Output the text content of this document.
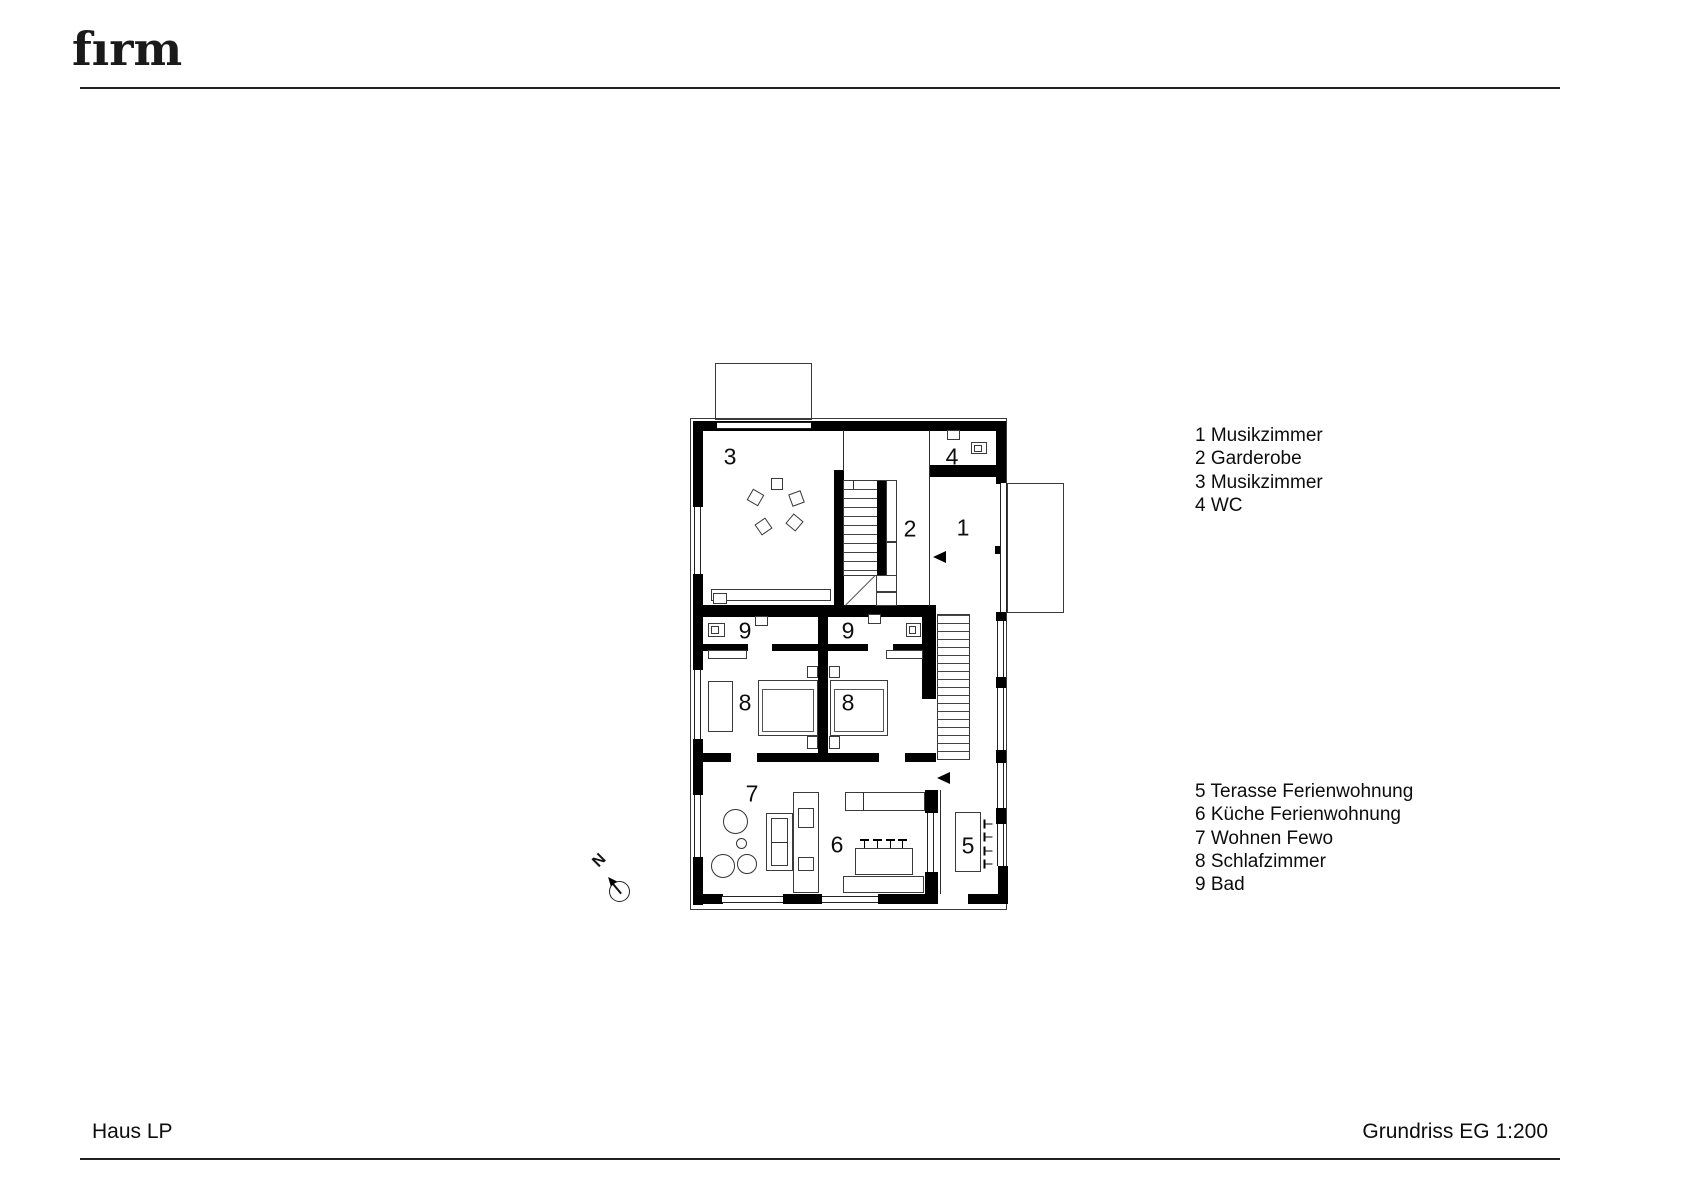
fırm
Haus LP	Grundriss EG 1:200
1 Musikzimmer
2 Garderobe
3 Musikzimmer
4 WC
5 Terasse Ferienwohnung
6 Küche Ferienwohnung
7 Wohnen Fewo
8 Schlafzimmer
9 Bad
3	4
2 1
9	9
8	8
7
6	5
N
